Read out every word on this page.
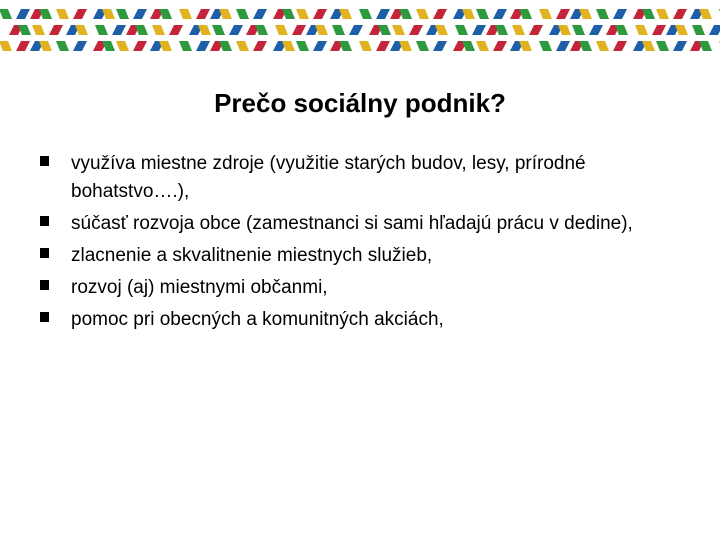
Prečo sociálny podnik?
využíva miestne zdroje (využitie starých budov, lesy, prírodné bohatstvo….),
súčasť rozvoja obce (zamestnanci si sami hľadajú prácu v dedine),
zlacnenie a skvalitnenie miestnych služieb,
rozvoj (aj) miestnymi občanmi,
pomoc pri obecných a komunitných akciách,
